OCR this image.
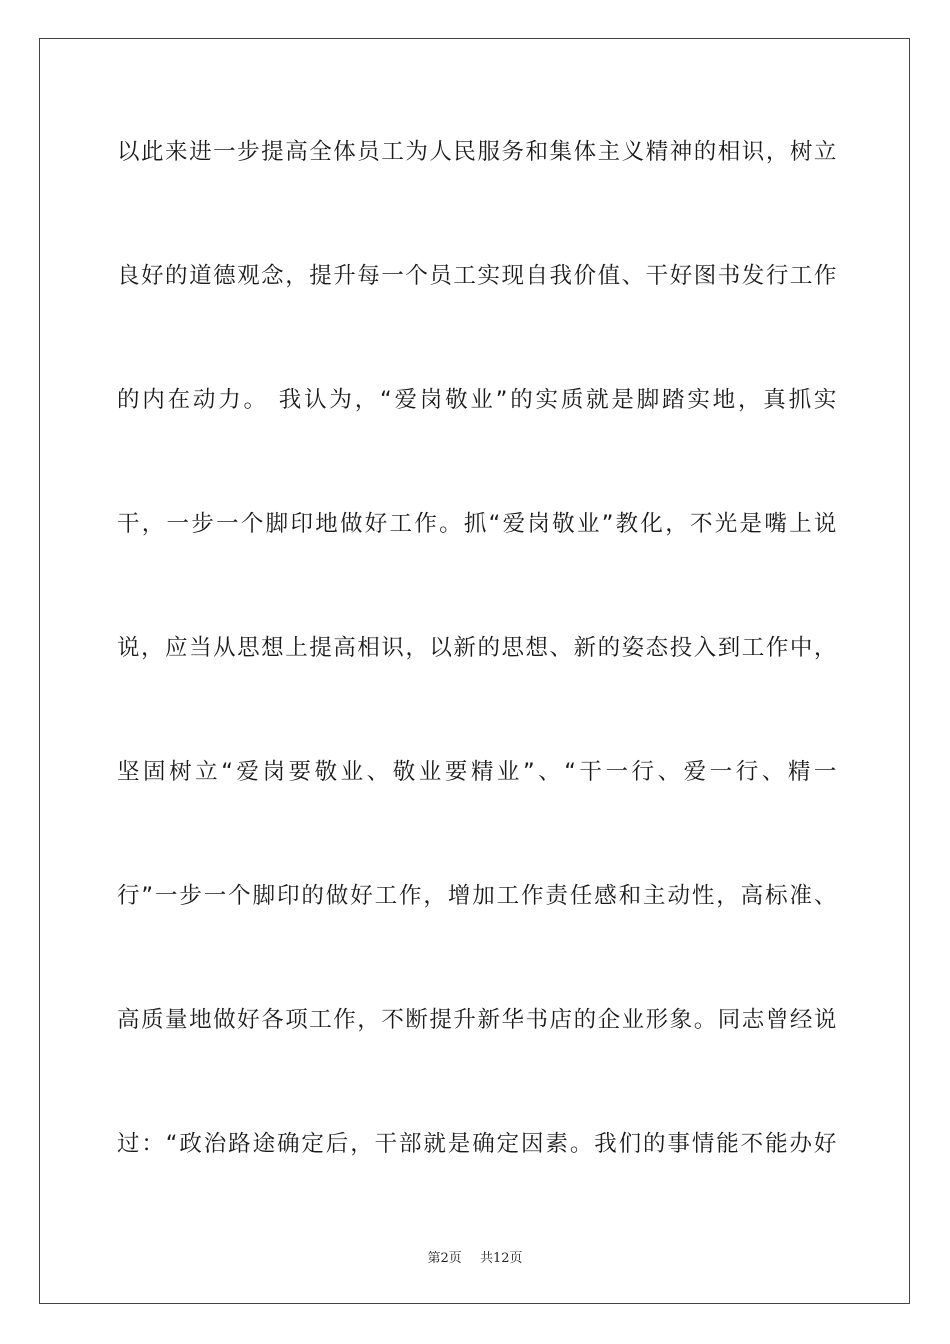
以此来进一步提高全体员工为人民服务和集体主义精神的相识，树立
良好的道德观念，提升每一个员工实现自我价值、干好图书发行工作
的内在动力。 我认为，“爱岗敬业”的实质就是脚踏实地，真抓实
干，一步一个脚印地做好工作。抓“爱岗敬业”教化，不光是嘴上说
说，应当从思想上提高相识，以新的思想、新的姿态投入到工作中，
坚固树立“爱岗要敬业、敬业要精业”、“干一行、爱一行、精一
行”一步一个脚印的做好工作，增加工作责任感和主动性，高标准、
高质量地做好各项工作，不断提升新华书店的企业形象。同志曾经说
过：“政治路途确定后，干部就是确定因素。我们的事情能不能办好
第2页 共12页
